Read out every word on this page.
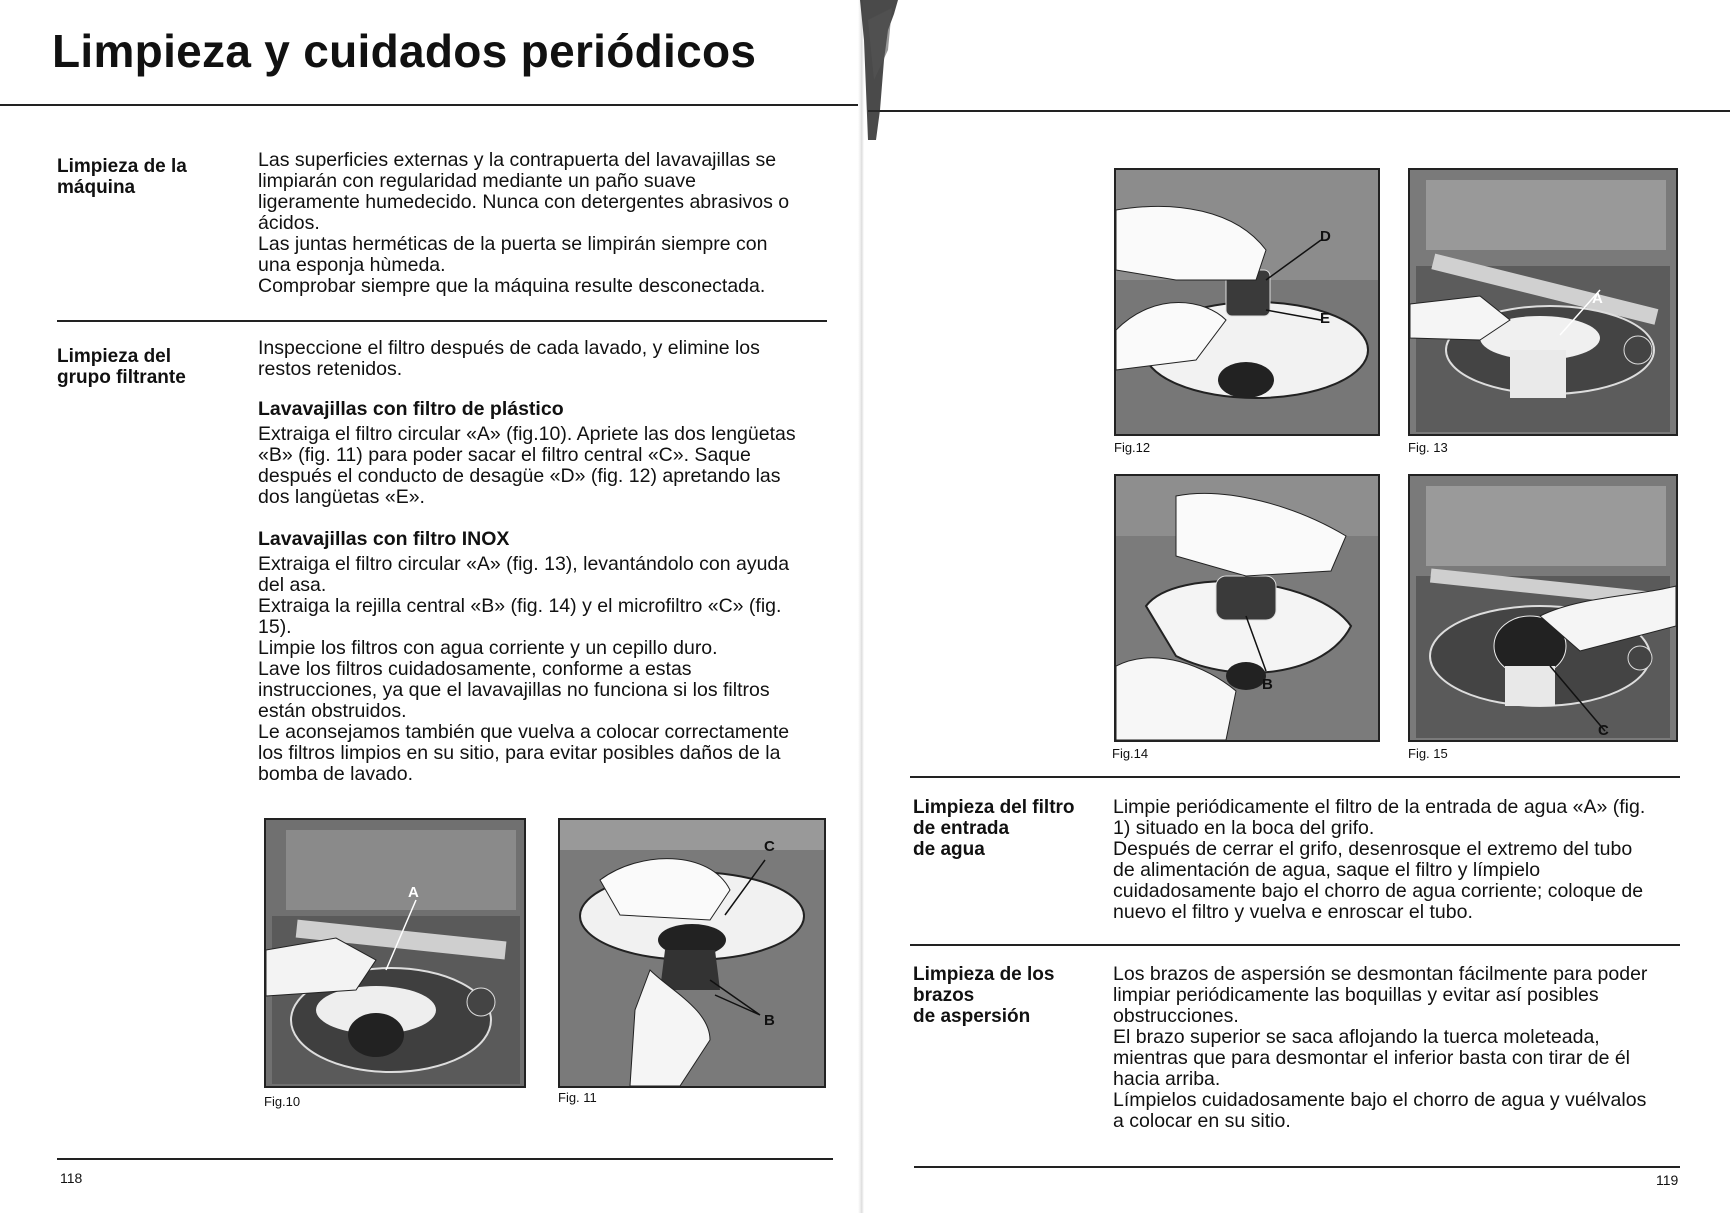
Limpieza y cuidados periódicos

Limpieza de la
máquina

Las superficies externas y la contrapuerta del lavavajillas se
limpiarán con regularidad mediante un paño suave
ligeramente humedecido. Nunca con detergentes abrasivos o
ácidos.
Las juntas herméticas de la puerta se limpirán siempre con
una esponja hùmeda.
Comprobar siempre que la máquina resulte desconectada.

Limpieza del
grupo filtrante

Inspeccione el filtro después de cada lavado, y elimine los
restos retenidos.

Lavavajillas con filtro de plástico

Extraiga el filtro circular «A» (fig.10). Apriete las dos lengüetas
«B» (fig. 11) para poder sacar el filtro central «C». Saque
después el conducto de desagüe «D» (fig. 12) apretando las
dos langüetas «E».

Lavavajillas con filtro INOX

Extraiga el filtro circular «A» (fig. 13), levantándolo con ayuda
del asa.
Extraiga la rejilla central «B» (fig. 14) y el microfiltro «C» (fig.
15).
Limpie los filtros con agua corriente y un cepillo duro.
Lave los filtros cuidadosamente, conforme a estas
instrucciones, ya que el lavavajillas no funciona si los filtros
están obstruidos.
Le aconsejamos también que vuelva a colocar correctamente
los filtros limpios en su sitio, para evitar posibles daños de la
bomba de lavado.

A
Fig.10
C
B
Fig. 11
118
D
E
Fig.12
A
Fig. 13
B
Fig.14
C
Fig. 15

Limpieza del filtro
de entrada
de agua

Limpie periódicamente el filtro de la entrada de agua «A» (fig.
1) situado en la boca del grifo.
Después de cerrar el grifo, desenrosque el extremo del tubo
de alimentación de agua, saque el filtro y límpielo
cuidadosamente bajo el chorro de agua corriente; coloque de
nuevo el filtro y vuelva e enroscar el tubo.

Limpieza de los
brazos
de aspersión

Los brazos de aspersión se desmontan fácilmente para poder
limpiar periódicamente las boquillas y evitar así posibles
obstrucciones.
El brazo superior se saca aflojando la tuerca moleteada,
mientras que para desmontar el inferior basta con tirar de él
hacia arriba.
Límpielos cuidadosamente bajo el chorro de agua y vuélvalos
a colocar en su sitio.

119
